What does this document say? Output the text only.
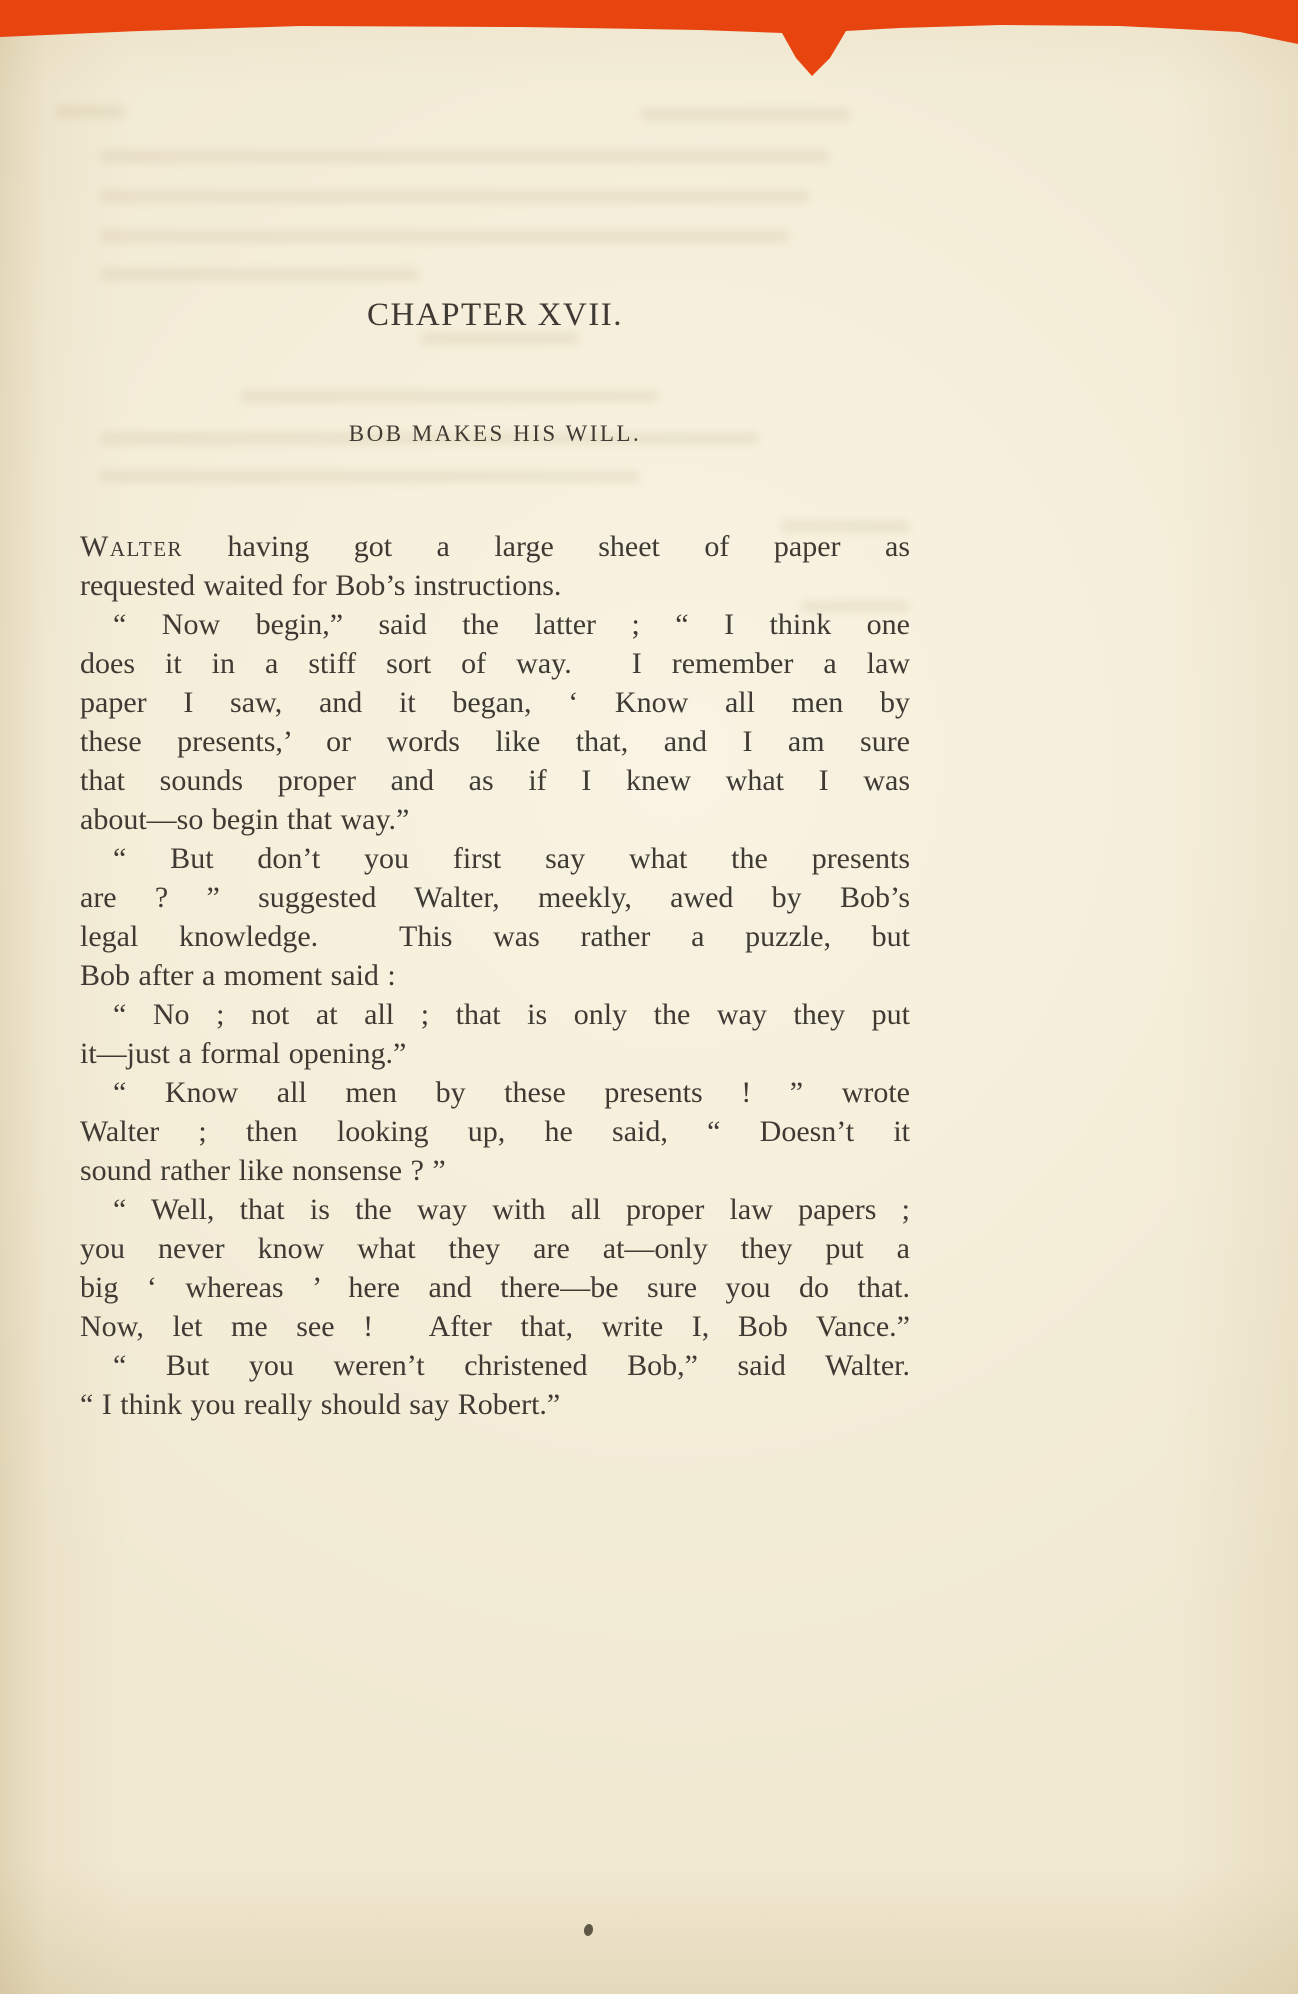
CHAPTER XVII.
BOB MAKES HIS WILL.
Walter having got a large sheet of paper as
requested waited for Bob’s instructions.
“ Now begin,” said the latter ; “ I think one
does it in a stiff sort of way.  I remember a law
paper I saw, and it began, ‘ Know all men by
these presents,’ or words like that, and I am sure
that sounds proper and as if I knew what I was
about—so begin that way.”
“ But don’t you first say what the presents
are ? ” suggested Walter, meekly, awed by Bob’s
legal knowledge.  This was rather a puzzle, but
Bob after a moment said :
“ No ; not at all ; that is only the way they put
it—just a formal opening.”
“ Know all men by these presents ! ” wrote
Walter ; then looking up, he said, “ Doesn’t it
sound rather like nonsense ? ”
“ Well, that is the way with all proper law papers ;
you never know what they are at—only they put a
big ‘ whereas ’ here and there—be sure you do that.
Now, let me see !  After that, write I, Bob Vance.”
“ But you weren’t christened Bob,” said Walter.
“ I think you really should say Robert.”
